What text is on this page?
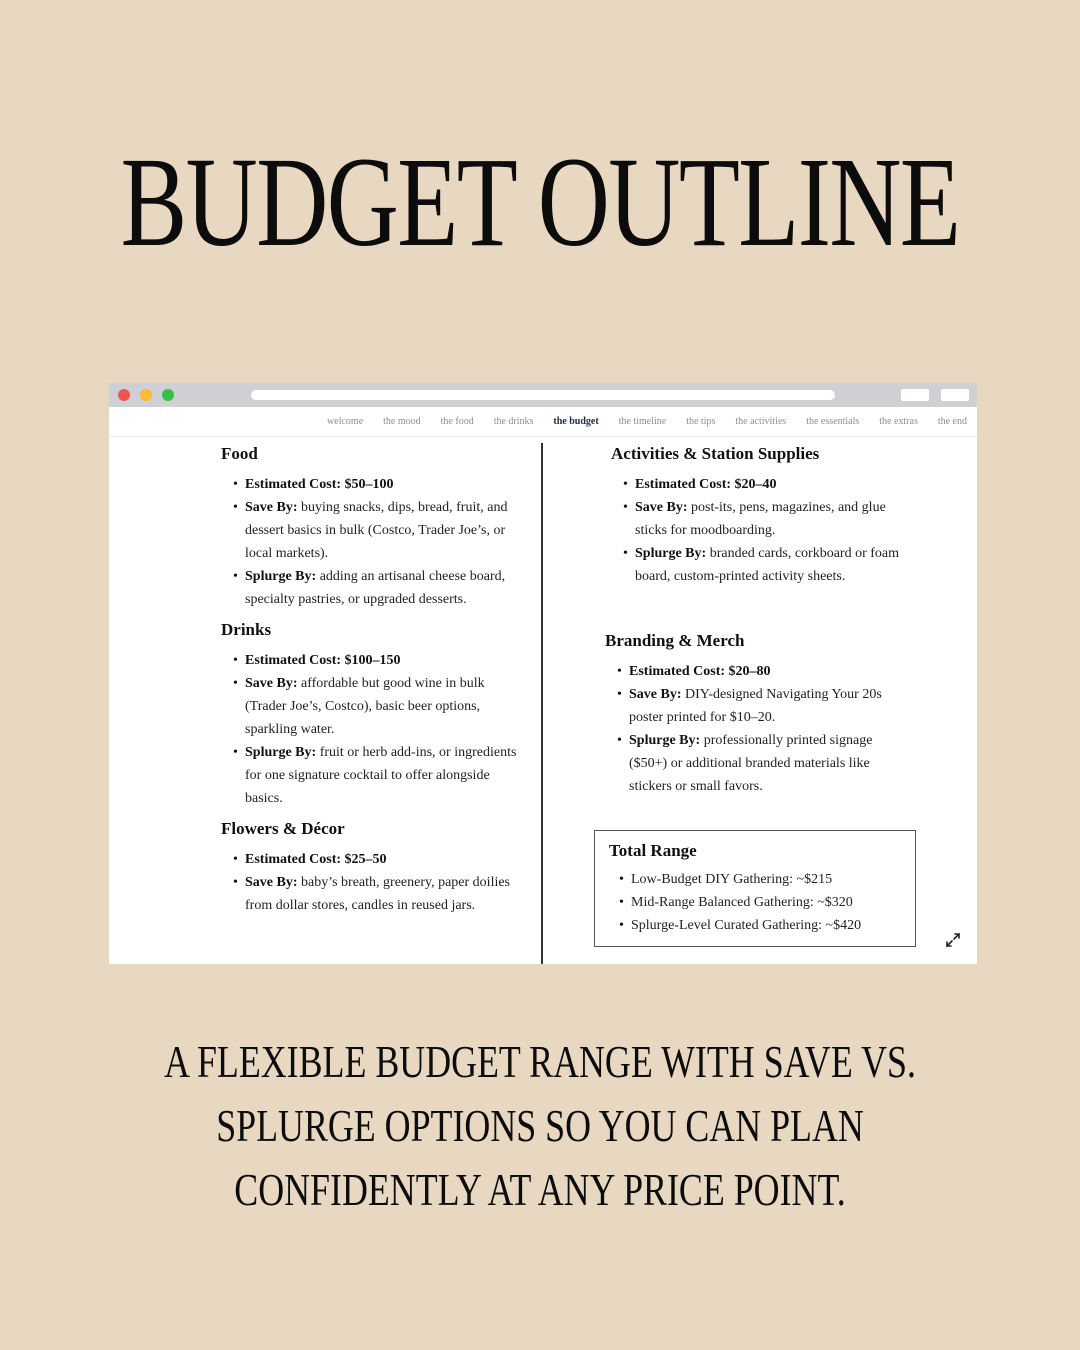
BUDGET OUTLINE
welcome the mood the food the drinks the budget the timeline the tips the activities the essentials the extras the end
Food
• Estimated Cost: $50–100
• Save By: buying snacks, dips, bread, fruit, and dessert basics in bulk (Costco, Trader Joe’s, or local markets).
• Splurge By: adding an artisanal cheese board, specialty pastries, or upgraded desserts.
Drinks
• Estimated Cost: $100–150
• Save By: affordable but good wine in bulk (Trader Joe’s, Costco), basic beer options, sparkling water.
• Splurge By: fruit or herb add-ins, or ingredients for one signature cocktail to offer alongside basics.
Flowers & Décor
• Estimated Cost: $25–50
• Save By: baby’s breath, greenery, paper doilies from dollar stores, candles in reused jars.
Activities & Station Supplies
• Estimated Cost: $20–40
• Save By: post-its, pens, magazines, and glue sticks for moodboarding.
• Splurge By: branded cards, corkboard or foam board, custom-printed activity sheets.
Branding & Merch
• Estimated Cost: $20–80
• Save By: DIY-designed Navigating Your 20s poster printed for $10–20.
• Splurge By: professionally printed signage ($50+) or additional branded materials like stickers or small favors.
Total Range
• Low-Budget DIY Gathering: ~$215
• Mid-Range Balanced Gathering: ~$320
• Splurge-Level Curated Gathering: ~$420
A FLEXIBLE BUDGET RANGE WITH SAVE VS. SPLURGE OPTIONS SO YOU CAN PLAN CONFIDENTLY AT ANY PRICE POINT.
